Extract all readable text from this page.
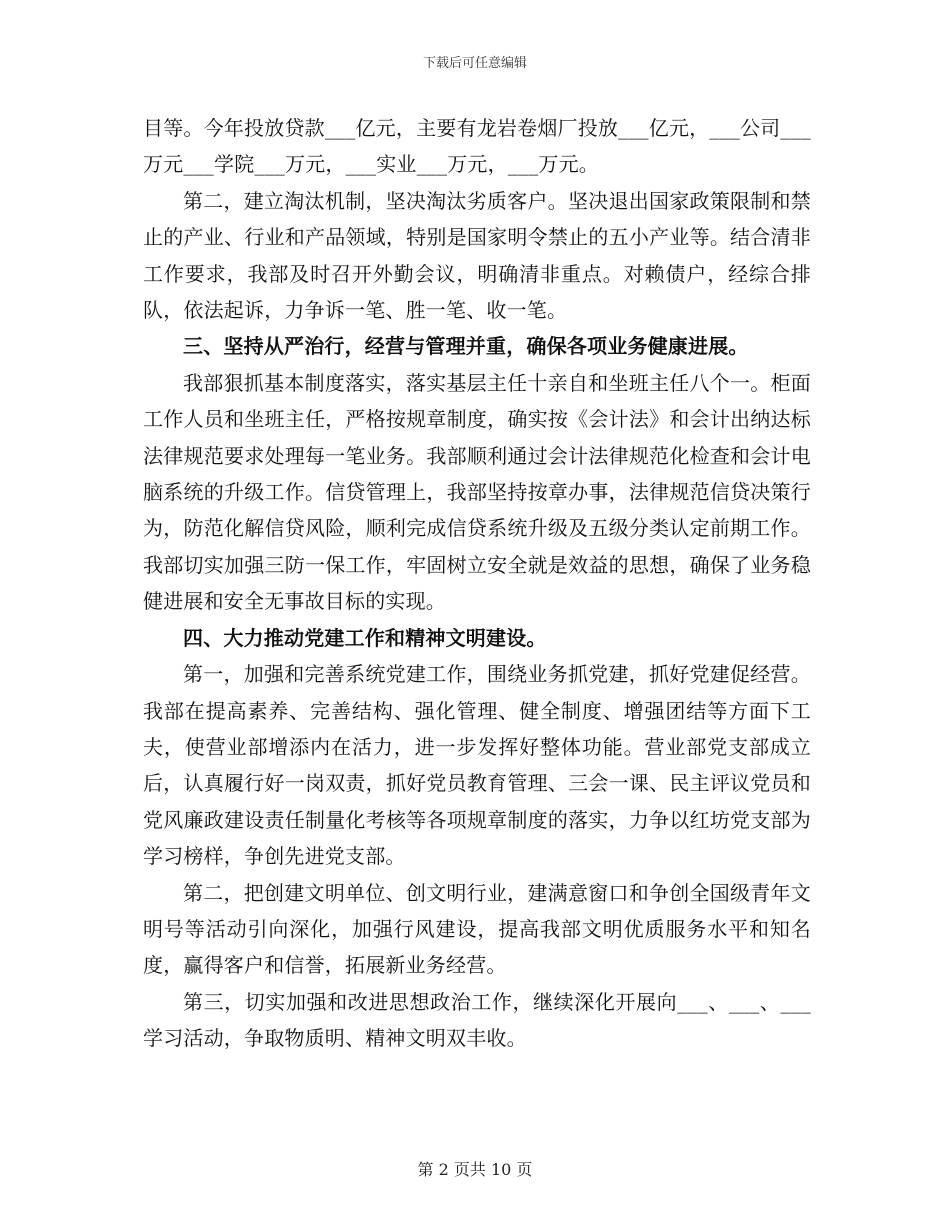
下载后可任意编辑

目等。今年投放贷款___亿元，主要有龙岩卷烟厂投放___亿元，___公司___万元___学院___万元，___实业___万元，___万元。

第二，建立淘汰机制，坚决淘汰劣质客户。坚决退出国家政策限制和禁止的产业、行业和产品领域，特别是国家明令禁止的五小产业等。结合清非工作要求，我部及时召开外勤会议，明确清非重点。对赖债户，经综合排队，依法起诉，力争诉一笔、胜一笔、收一笔。

三、坚持从严治行，经营与管理并重，确保各项业务健康进展。

我部狠抓基本制度落实，落实基层主任十亲自和坐班主任八个一。柜面工作人员和坐班主任，严格按规章制度，确实按《会计法》和会计出纳达标法律规范要求处理每一笔业务。我部顺利通过会计法律规范化检查和会计电脑系统的升级工作。信贷管理上，我部坚持按章办事，法律规范信贷决策行为，防范化解信贷风险，顺利完成信贷系统升级及五级分类认定前期工作。我部切实加强三防一保工作，牢固树立安全就是效益的思想，确保了业务稳健进展和安全无事故目标的实现。

四、大力推动党建工作和精神文明建设。

第一，加强和完善系统党建工作，围绕业务抓党建，抓好党建促经营。我部在提高素养、完善结构、强化管理、健全制度、增强团结等方面下工夫，使营业部增添内在活力，进一步发挥好整体功能。营业部党支部成立后，认真履行好一岗双责，抓好党员教育管理、三会一课、民主评议党员和党风廉政建设责任制量化考核等各项规章制度的落实，力争以红坊党支部为学习榜样，争创先进党支部。

第二，把创建文明单位、创文明行业，建满意窗口和争创全国级青年文明号等活动引向深化，加强行风建设，提高我部文明优质服务水平和知名度，赢得客户和信誉，拓展新业务经营。

第三，切实加强和改进思想政治工作，继续深化开展向___、___、___学习活动，争取物质明、精神文明双丰收。

第 2 页共 10 页
